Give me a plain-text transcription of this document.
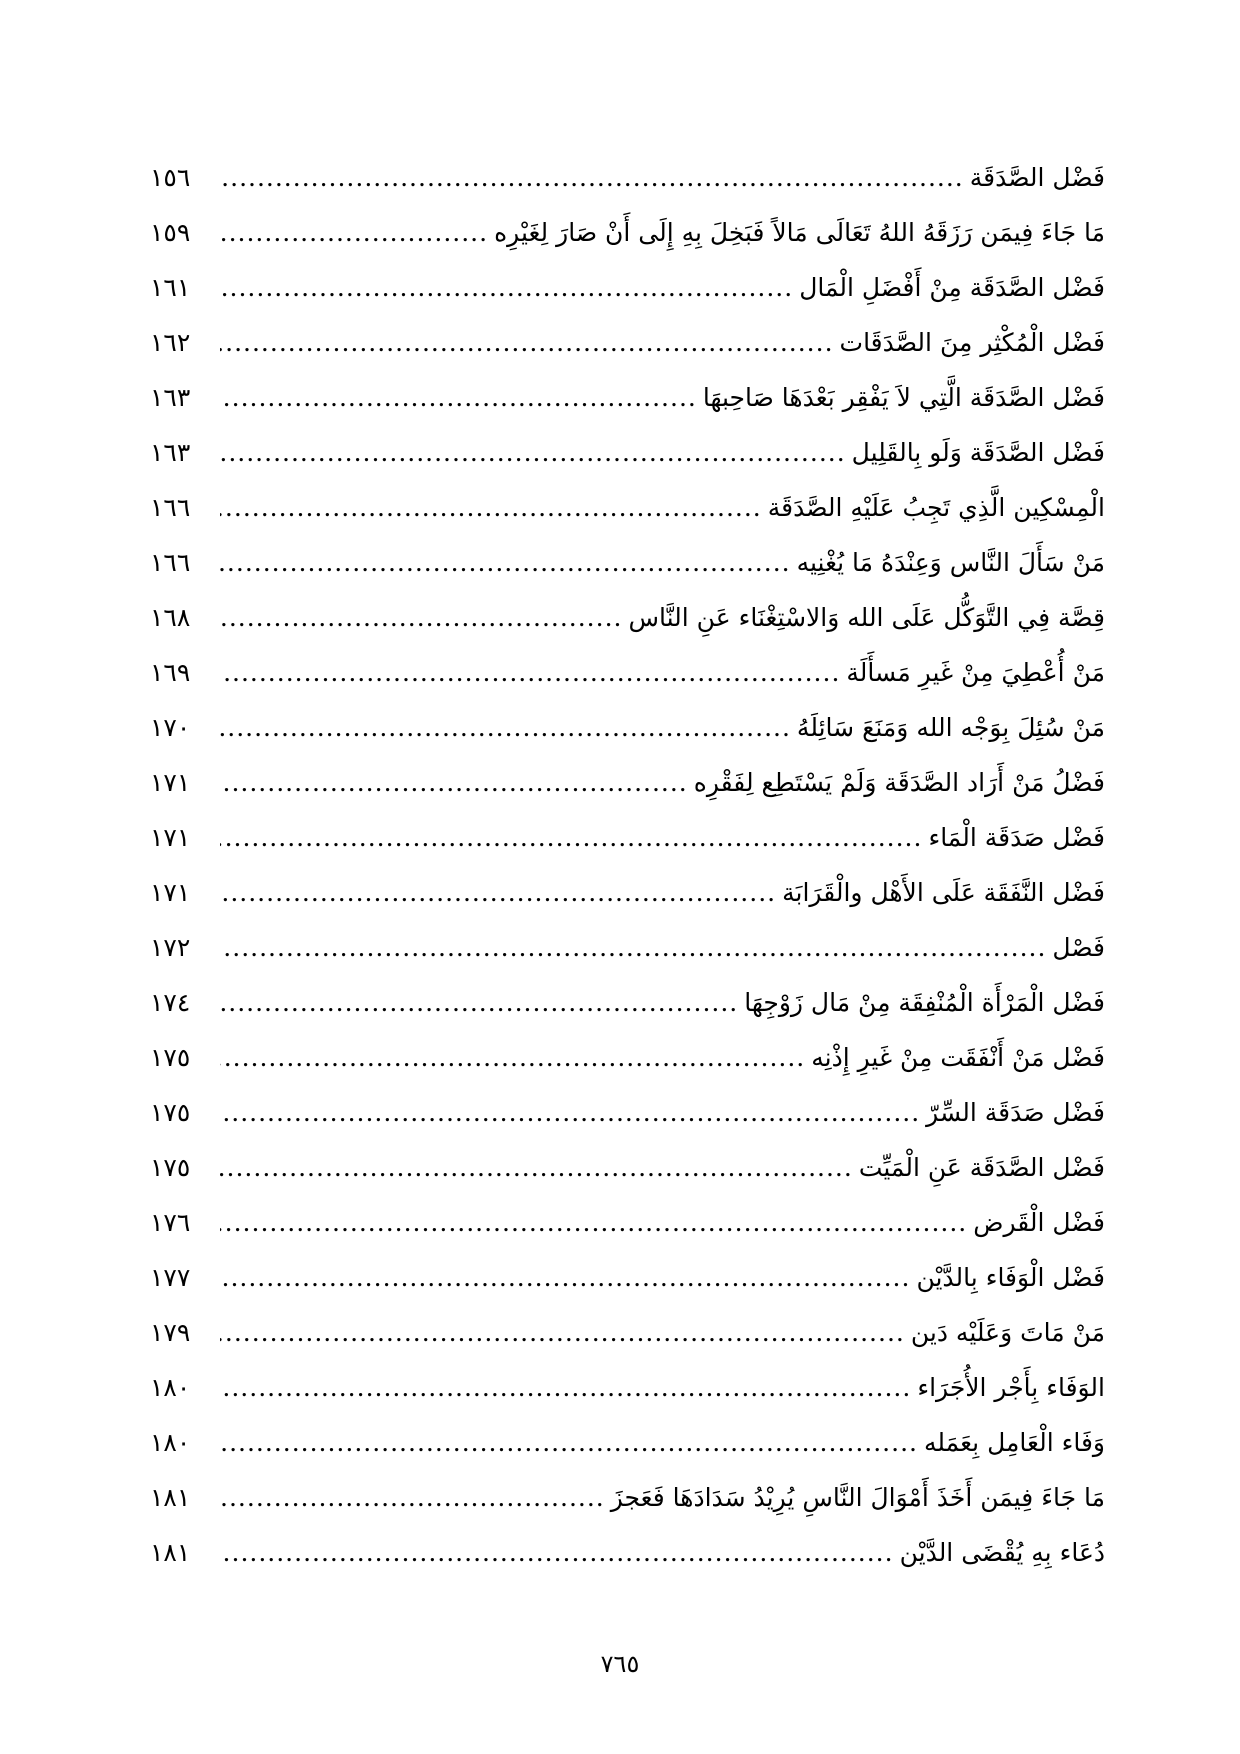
فَضْل الصَّدَقَة
.....
١٥٦
مَا جَاءَ فِيمَن رَزَقَهُ اللهُ تَعَالَى مَالاً فَبَخِلَ بِهِ إِلَى أَنْ صَارَ لِغَيْرِه
.....
١٥٩
فَضْل الصَّدَقَة مِنْ أَفْضَلِ الْمَال
.....
١٦١
فَضْل الْمُكْثِر مِنَ الصَّدَقَات
.....
١٦٢
فَضْل الصَّدَقَة الَّتِي لاَ يَفْقِر بَعْدَهَا صَاحِبهَا
.....
١٦٣
فَضْل الصَّدَقَة وَلَو بِالقَلِيل
.....
١٦٣
الْمِسْكِين الَّذِي تَجِبُ عَلَيْهِ الصَّدَقَة
.....
١٦٦
مَنْ سَأَلَ النَّاس وَعِنْدَهُ مَا يُغْنِيه
.....
١٦٦
قِصَّة فِي التَّوَكُّل عَلَى الله وَالاسْتِغْنَاء عَنِ النَّاس
.....
١٦٨
مَنْ أُعْطِيَ مِنْ غَيرِ مَسأَلَة
.....
١٦٩
مَنْ سُئِلَ بِوَجْه الله وَمَنَعَ سَائِلَهُ
.....
١٧٠
فَضْلُ مَنْ أَرَاد الصَّدَقَة وَلَمْ يَسْتَطِع لِفَقْرِه
.....
١٧١
فَضْل صَدَقَة الْمَاء
.....
١٧١
فَضْل النَّفَقَة عَلَى الأَهْل والْقَرَابَة
.....
١٧١
فَصْل
.....
١٧٢
فَضْل الْمَرْأَة الْمُنْفِقَة مِنْ مَال زَوْجِهَا
.....
١٧٤
فَضْل مَنْ أَنْفَقَت مِنْ غَيرِ إِذْنِه
.....
١٧٥
فَضْل صَدَقَة السِّرّ
.....
١٧٥
فَضْل الصَّدَقَة عَنِ الْمَيِّت
.....
١٧٥
فَضْل الْقَرض
.....
١٧٦
فَضْل الْوَفَاء بِالدَّيْن
.....
١٧٧
مَنْ مَاتَ وَعَلَيْه دَين
.....
١٧٩
الوَفَاء بِأَجْر الأُجَرَاء
.....
١٨٠
وَفَاء الْعَامِل بِعَمَله
.....
١٨٠
مَا جَاءَ فِيمَن أَخَذَ أَمْوَالَ النَّاسِ يُرِيْدُ سَدَادَهَا فَعَجزَ
.....
١٨١
دُعَاء بِهِ يُقْضَى الدَّيْن
.....
١٨١
٧٦٥
